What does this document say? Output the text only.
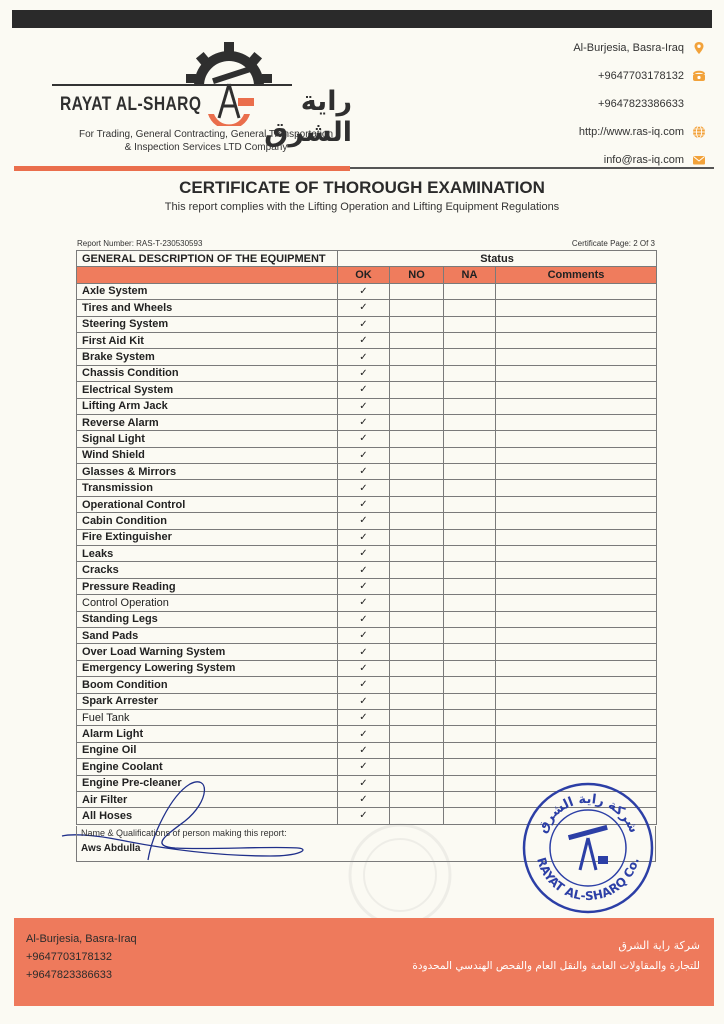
RAYAT AL-SHARQ	راية الشرق
For Trading, General Contracting, General Transportation
& Inspection Services LTD Company
Al-Burjesia, Basra-Iraq
+9647703178132
+9647823386633
http://www.ras-iq.com
info@ras-iq.com
CERTIFICATE OF THOROUGH EXAMINATION
This report complies with the Lifting Operation and Lifting Equipment Regulations
Report Number: RAS-T-230530593	Certificate Page: 2 Of 3
GENERAL DESCRIPTION OF THE EQUIPMENT	Status			
	OK	NO	NA	Comments
Axle System	✓			
Tires and Wheels	✓			
Steering System	✓			
First Aid Kit	✓			
Brake System	✓			
Chassis Condition	✓			
Electrical System	✓			
Lifting Arm Jack	✓			
Reverse Alarm	✓			
Signal Light	✓			
Wind Shield	✓			
Glasses & Mirrors	✓			
Transmission	✓			
Operational Control	✓			
Cabin Condition	✓			
Fire Extinguisher	✓			
Leaks	✓			
Cracks	✓			
Pressure Reading	✓			
Control Operation	✓			
Standing Legs	✓			
Sand Pads	✓			
Over Load Warning System	✓			
Emergency Lowering System	✓			
Boom Condition	✓			
Spark Arrester	✓			
Fuel Tank	✓			
Alarm Light	✓			
Engine Oil	✓			
Engine Coolant	✓			
Engine Pre-cleaner	✓			
Air Filter	✓			
All Hoses	✓			
Name & Qualifications of person making this report:
Aws Abdulla
شركة راية الشرق
RAYAT AL-SHARQ Co.
Al-Burjesia, Basra-Iraq
+9647703178132
+9647823386633
شركة راية الشرق
للتجارة والمقاولات العامة والنقل العام والفحص الهندسي المحدودة
